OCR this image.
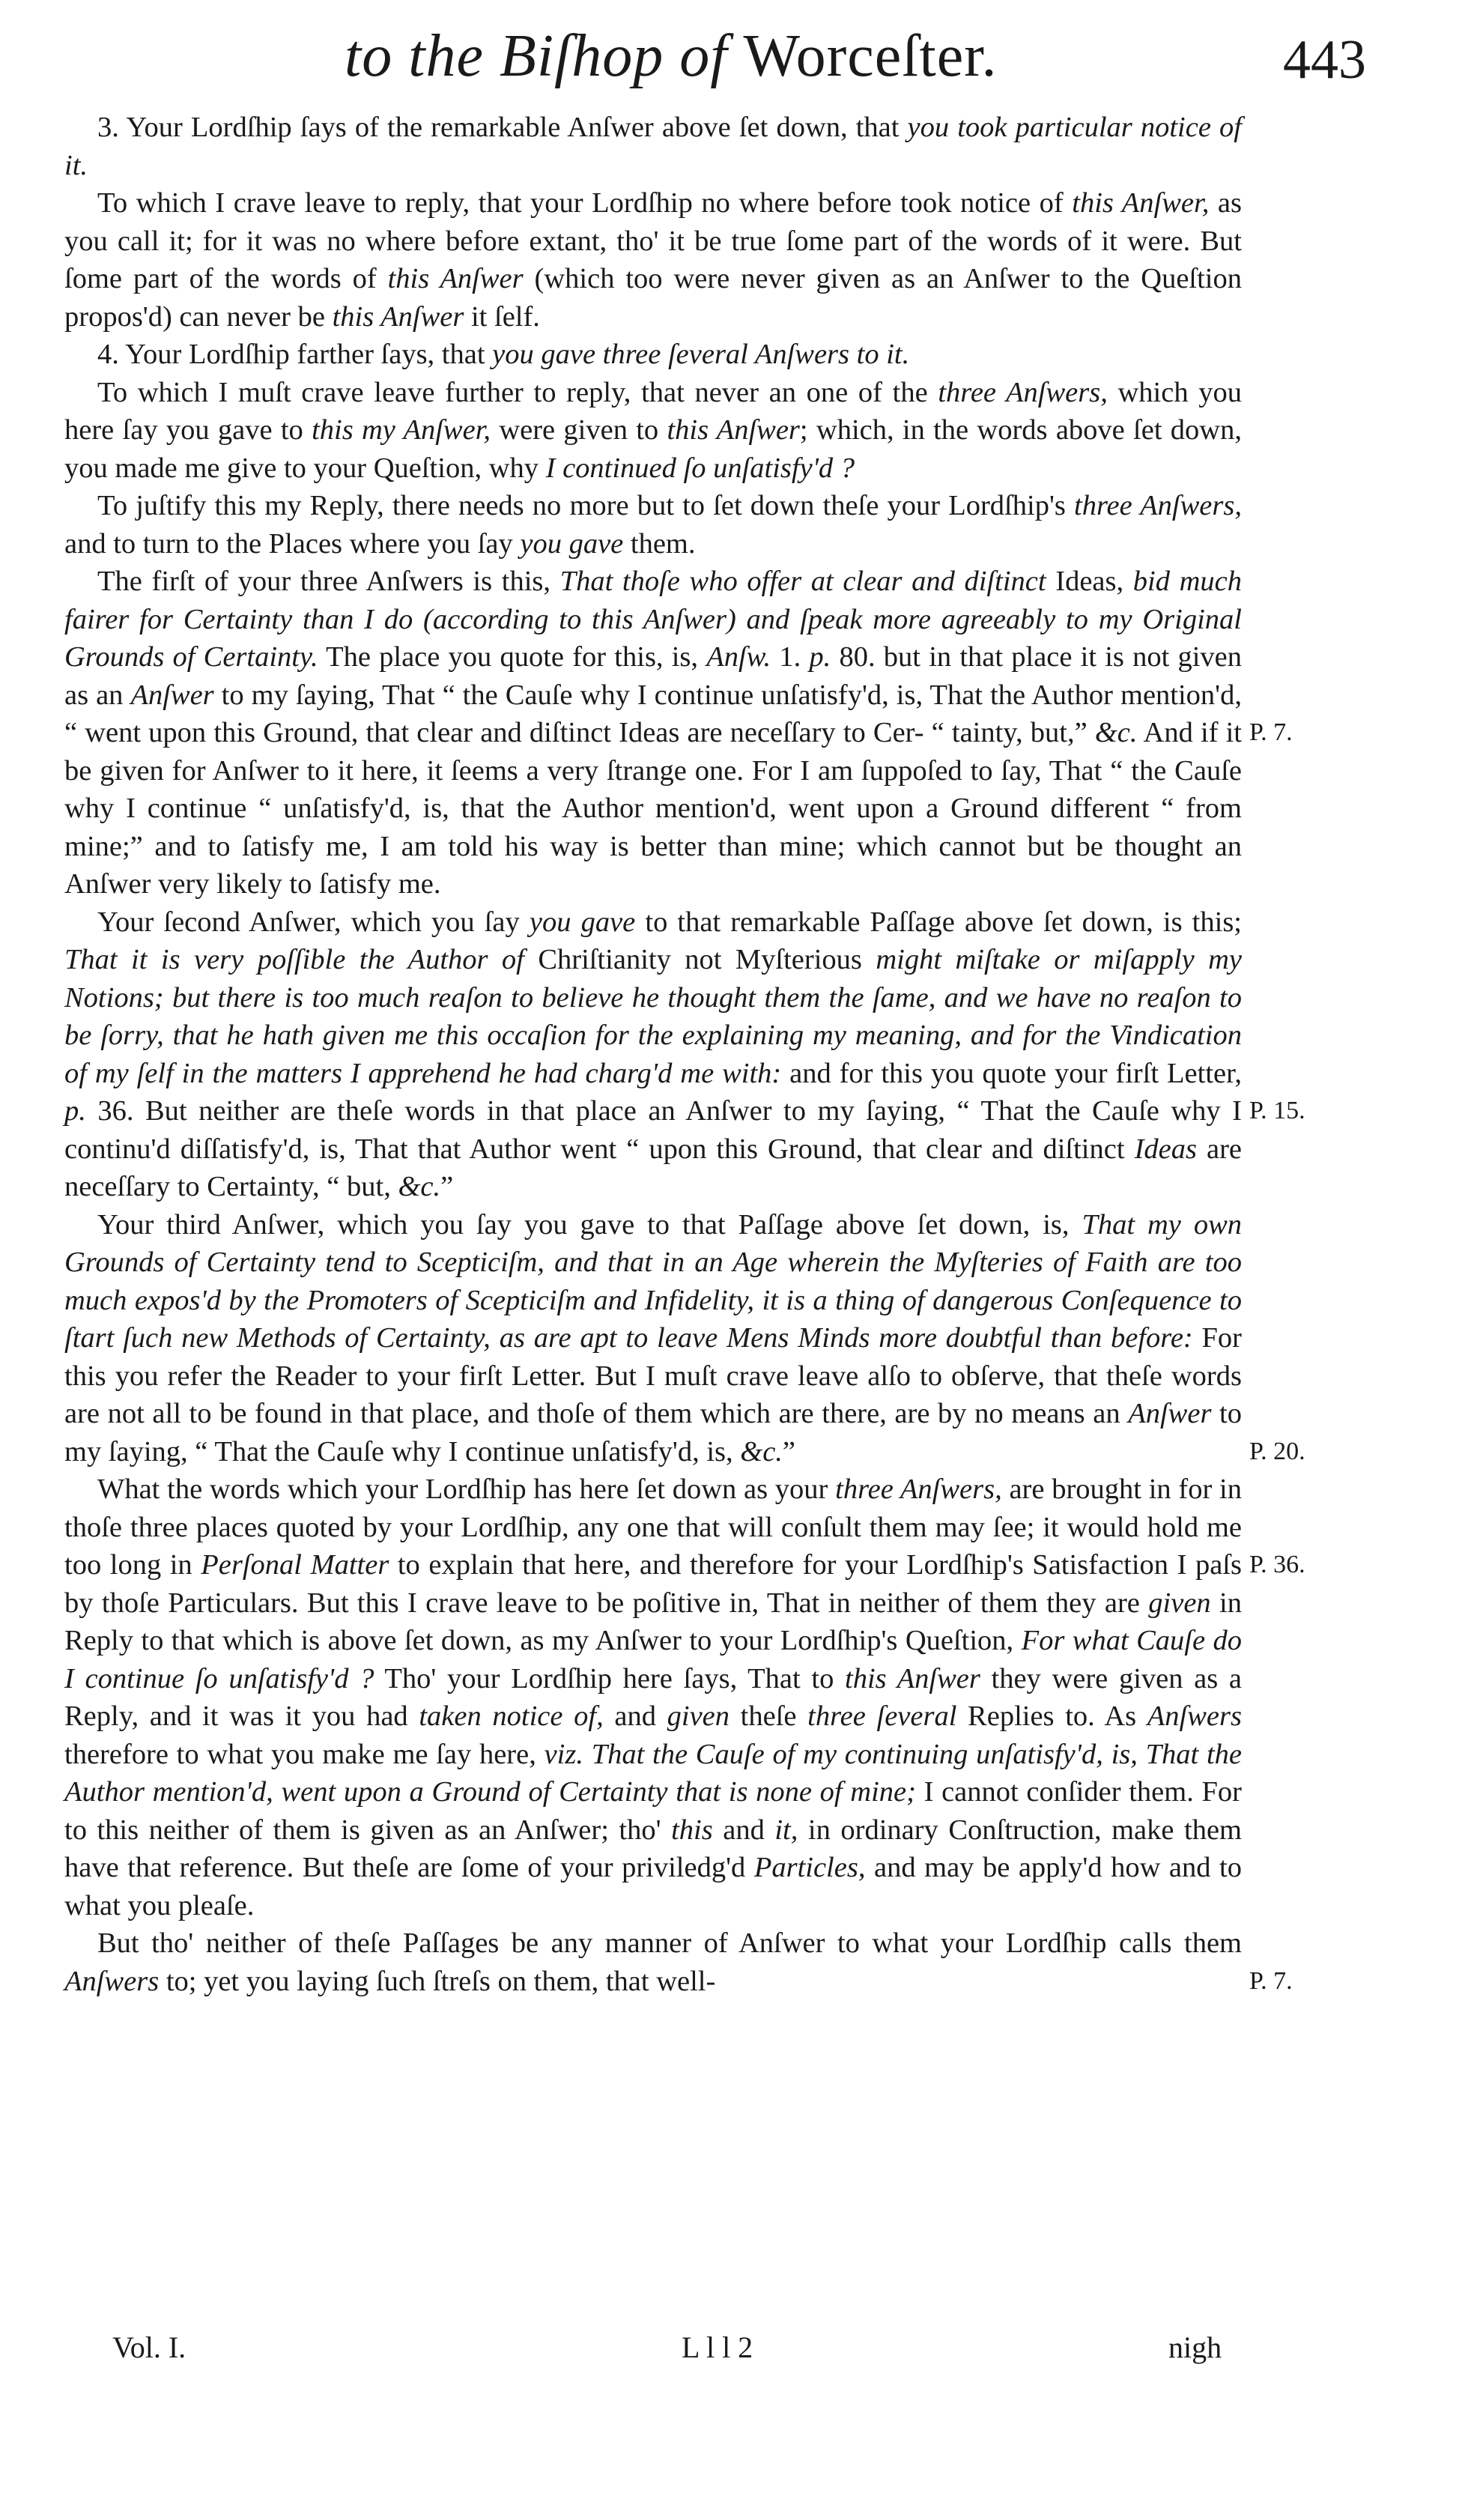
to the Biſhop of Worceſter.	443

3. Your Lordſhip ſays of the remarkable Anſwer above ſet down, that you took particular notice of it.

To which I crave leave to reply, that your Lordſhip no where before took notice of this Anſwer, as you call it; for it was no where before extant, tho' it be true ſome part of the words of it were. But ſome part of the words of this Anſwer (which too were never given as an Anſwer to the Queſtion propos'd) can never be this Anſwer it ſelf.

4. Your Lordſhip farther ſays, that you gave three ſeveral Anſwers to it.

To which I muſt crave leave further to reply, that never an one of the three Anſwers, which you here ſay you gave to this my Anſwer, were given to this Anſwer; which, in the words above ſet down, you made me give to your Queſtion, why I continued ſo unſatisfy'd ?

To juſtify this my Reply, there needs no more but to ſet down theſe your Lordſhip's three Anſwers, and to turn to the Places where you ſay you gave them.

The firſt of your three Anſwers is this, That thoſe who offer at clear and diſtinct Ideas, bid much fairer for Certainty than I do (according to this Anſwer) and ſpeak more agreeably to my Original Grounds of Certainty. The place you quote for this, is, Anſw. 1. p. 80. but in that place it is not given as an Anſwer to my ſaying, That “ the Cauſe why I continue unſatisfy'd, is, That the Author mention'd, “ went upon this Ground, that clear and diſtinct Ideas are neceſſary to Cer- “ tainty, but,” &c. And if it be given for Anſwer to it here, it ſeems a very ſtrange one. For I am ſuppoſed to ſay, That “ the Cauſe why I continue “ unſatisfy'd, is, that the Author mention'd, went upon a Ground different “ from mine;” and to ſatisfy me, I am told his way is better than mine; which cannot but be thought an Anſwer very likely to ſatisfy me.

Your ſecond Anſwer, which you ſay you gave to that remarkable Paſſage above ſet down, is this; That it is very poſſible the Author of Chriſtianity not Myſterious might miſtake or miſapply my Notions; but there is too much reaſon to believe he thought them the ſame, and we have no reaſon to be ſorry, that he hath given me this occaſion for the explaining my meaning, and for the Vindication of my ſelf in the matters I apprehend he had charg'd me with: and for this you quote your firſt Letter, p. 36. But neither are theſe words in that place an Anſwer to my ſaying, “ That the Cauſe why I continu'd diſſatisfy'd, is, That that Author went “ upon this Ground, that clear and diſtinct Ideas are neceſſary to Certainty, “ but, &c.”

Your third Anſwer, which you ſay you gave to that Paſſage above ſet down, is, That my own Grounds of Certainty tend to Scepticiſm, and that in an Age wherein the Myſteries of Faith are too much expos'd by the Promoters of Scepticiſm and Infidelity, it is a thing of dangerous Conſequence to ſtart ſuch new Methods of Certainty, as are apt to leave Mens Minds more doubtful than before: For this you refer the Reader to your firſt Letter. But I muſt crave leave alſo to obſerve, that theſe words are not all to be found in that place, and thoſe of them which are there, are by no means an Anſwer to my ſaying, “ That the Cauſe why I continue unſatisfy'd, is, &c.”

What the words which your Lordſhip has here ſet down as your three Anſwers, are brought in for in thoſe three places quoted by your Lordſhip, any one that will conſult them may ſee; it would hold me too long in Perſonal Matter to explain that here, and therefore for your Lordſhip's Satisfaction I paſs by thoſe Particulars. But this I crave leave to be poſitive in, That in neither of them they are given in Reply to that which is above ſet down, as my Anſwer to your Lordſhip's Queſtion, For what Cauſe do I continue ſo unſatisfy'd ? Tho' your Lordſhip here ſays, That to this Anſwer they were given as a Reply, and it was it you had taken notice of, and given theſe three ſeveral Replies to. As Anſwers therefore to what you make me ſay here, viz. That the Cauſe of my continuing unſatisfy'd, is, That the Author mention'd, went upon a Ground of Certainty that is none of mine; I cannot conſider them. For to this neither of them is given as an Anſwer; tho' this and it, in ordinary Conſtruction, make them have that reference. But theſe are ſome of your priviledg'd Particles, and may be apply'd how and to what you pleaſe.

But tho' neither of theſe Paſſages be any manner of Anſwer to what your Lordſhip calls them Anſwers to; yet you laying ſuch ſtreſs on them, that well-

P. 7.
P. 15.
P. 20.
P. 36.
P. 7.
Vol. I.	L l l 2	nigh
